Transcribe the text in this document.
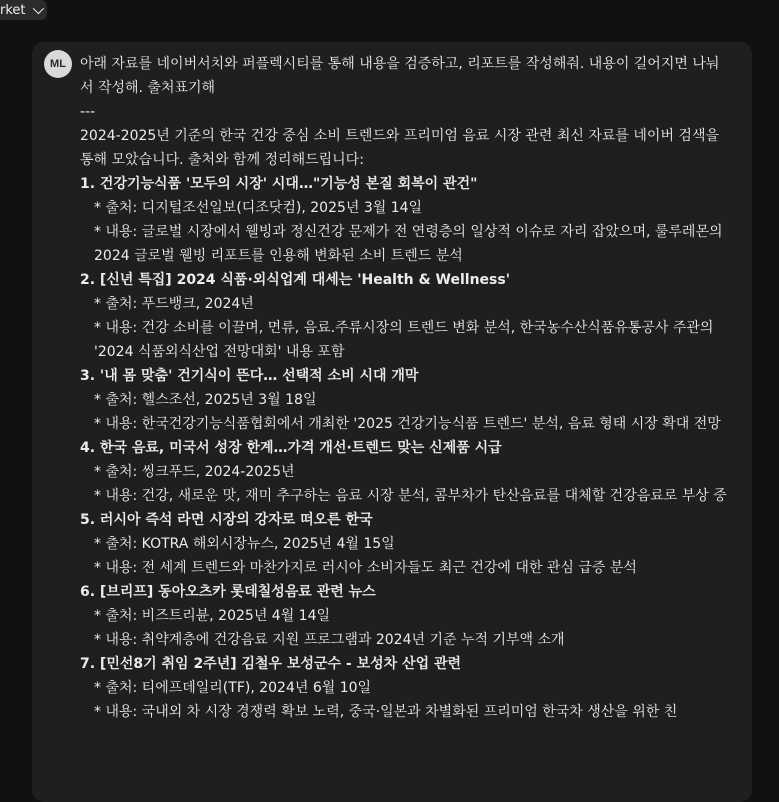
rket
ML 아래 자료를 네이버서치와 퍼플렉시티를 통해 내용을 검증하고, 리포트를 작성해줘. 내용이 길어지면 나눠서 작성해. 출처표기해

---

2024-2025년 기준의 한국 건강 중심 소비 트렌드와 프리미엄 음료 시장 관련 최신 자료를 네이버 검색을 통해 모았습니다. 출처와 함께 정리해드립니다:

1. 건강기능식품 '모두의 시장' 시대…"기능성 본질 회복이 관건"

* 출처: 디지털조선일보(디조닷컴), 2025년 3월 14일

* 내용: 글로벌 시장에서 웰빙과 정신건강 문제가 전 연령층의 일상적 이슈로 자리 잡았으며, 룰루레몬의 2024 글로벌 웰빙 리포트를 인용해 변화된 소비 트렌드 분석

2. [신년 특집] 2024 식품·외식업계 대세는 'Health & Wellness'

* 출처: 푸드뱅크, 2024년

* 내용: 건강 소비를 이끌며, 면류, 음료.주류시장의 트렌드 변화 분석, 한국농수산식품유통공사 주관의 '2024 식품외식산업 전망대회' 내용 포함

3. '내 몸 맞춤' 건기식이 뜬다… 선택적 소비 시대 개막

* 출처: 헬스조선, 2025년 3월 18일

* 내용: 한국건강기능식품협회에서 개최한 '2025 건강기능식품 트렌드' 분석, 음료 형태 시장 확대 전망

4. 한국 음료, 미국서 성장 한계…가격 개선·트렌드 맞는 신제품 시급

* 출처: 씽크푸드, 2024-2025년

* 내용: 건강, 새로운 맛, 재미 추구하는 음료 시장 분석, 콤부차가 탄산음료를 대체할 건강음료로 부상 중

5. 러시아 즉석 라면 시장의 강자로 떠오른 한국

* 출처: KOTRA 해외시장뉴스, 2025년 4월 15일

* 내용: 전 세계 트렌드와 마찬가지로 러시아 소비자들도 최근 건강에 대한 관심 급증 분석

6. [브리프] 동아오츠카 롯데칠성음료 관련 뉴스

* 출처: 비즈트리뷴, 2025년 4월 14일

* 내용: 취약계층에 건강음료 지원 프로그램과 2024년 기준 누적 기부액 소개

7. [민선8기 취임 2주년] 김철우 보성군수 - 보성차 산업 관련

* 출처: 티에프데일리(TF), 2024년 6월 10일

* 내용: 국내외 차 시장 경쟁력 확보 노력, 중국·일본과 차별화된 프리미엄 한국차 생산을 위한 친
